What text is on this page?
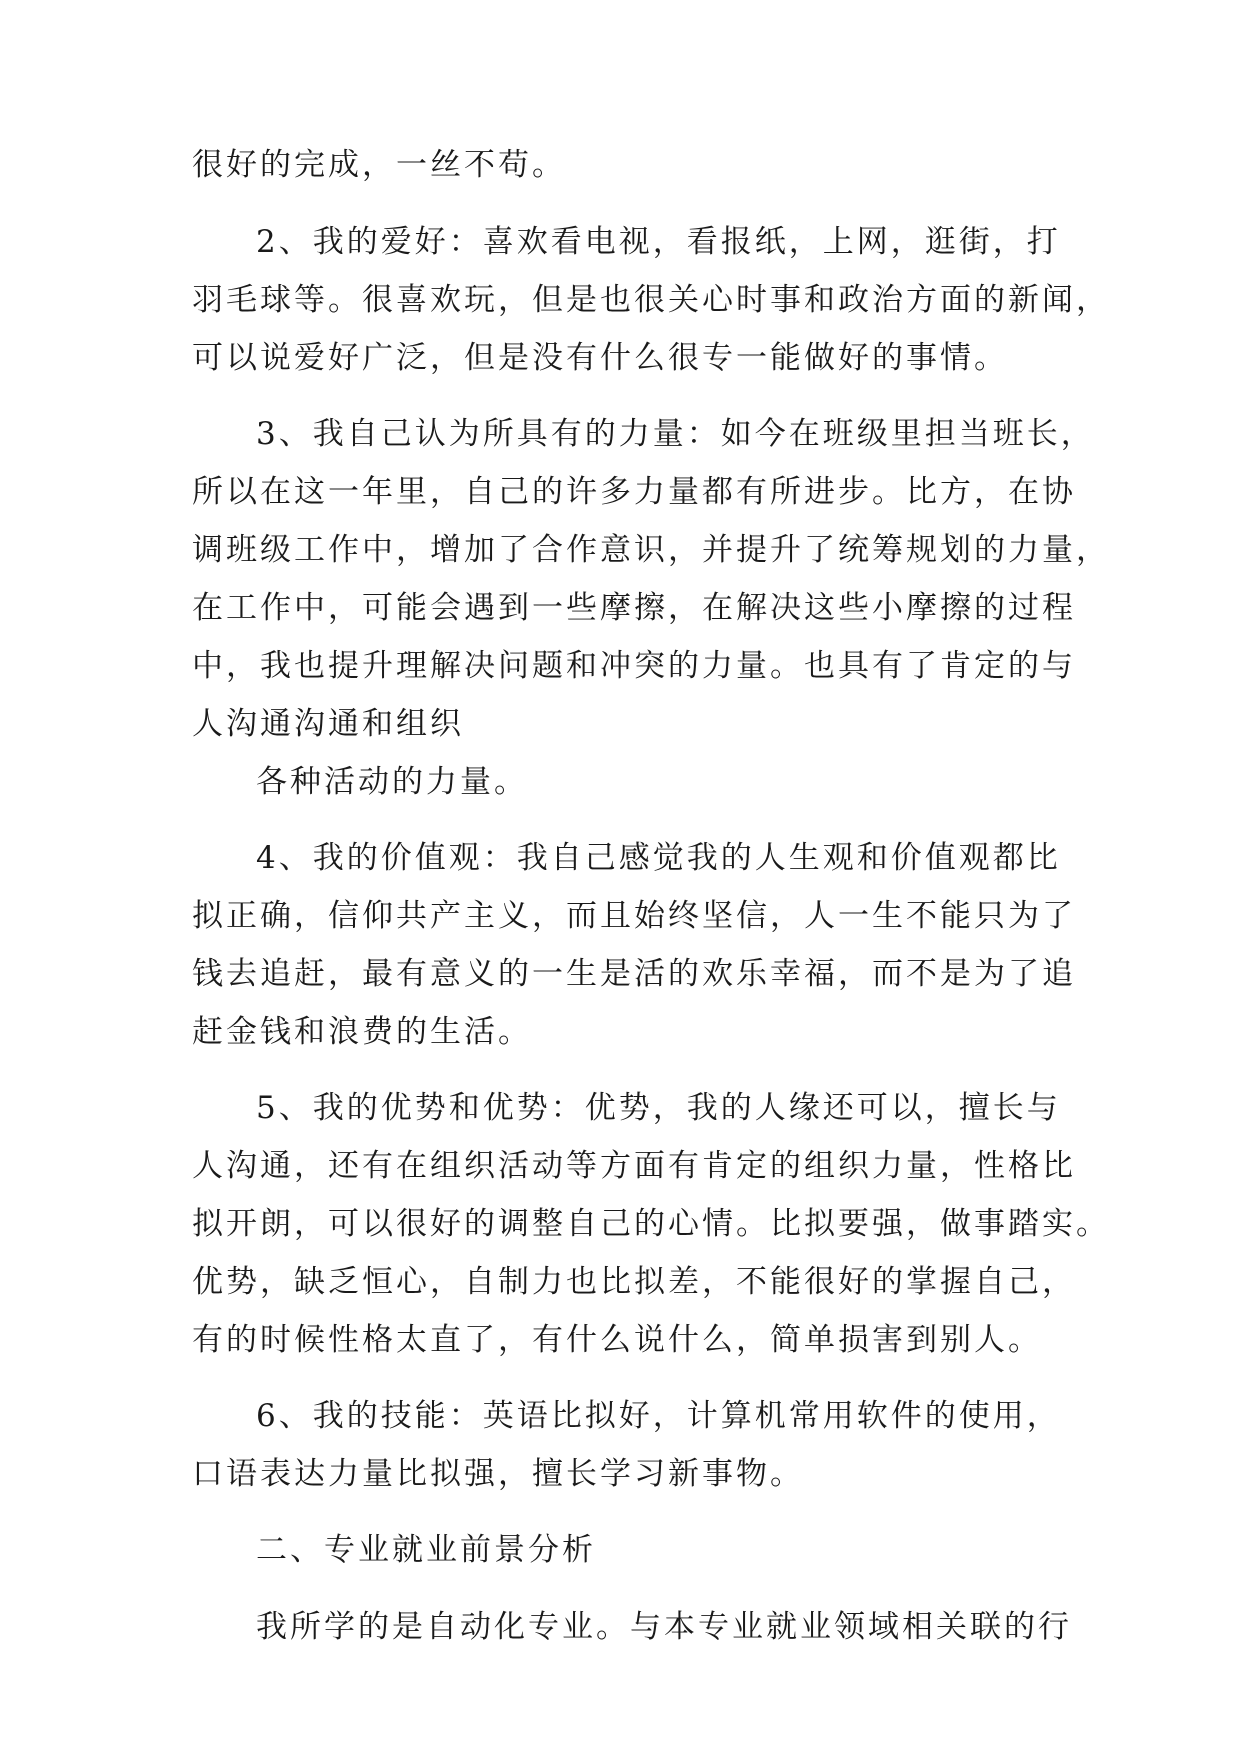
很好的完成，一丝不苟。
2、我的爱好：喜欢看电视，看报纸，上网，逛街，打
羽毛球等。很喜欢玩，但是也很关心时事和政治方面的新闻，
可以说爱好广泛，但是没有什么很专一能做好的事情。
3、我自己认为所具有的力量：如今在班级里担当班长，
所以在这一年里，自己的许多力量都有所进步。比方，在协
调班级工作中，增加了合作意识，并提升了统筹规划的力量，
在工作中，可能会遇到一些摩擦，在解决这些小摩擦的过程
中，我也提升理解决问题和冲突的力量。也具有了肯定的与
人沟通沟通和组织
各种活动的力量。
4、我的价值观：我自己感觉我的人生观和价值观都比
拟正确，信仰共产主义，而且始终坚信，人一生不能只为了
钱去追赶，最有意义的一生是活的欢乐幸福，而不是为了追
赶金钱和浪费的生活。
5、我的优势和优势：优势，我的人缘还可以，擅长与
人沟通，还有在组织活动等方面有肯定的组织力量，性格比
拟开朗，可以很好的调整自己的心情。比拟要强，做事踏实。
优势，缺乏恒心，自制力也比拟差，不能很好的掌握自己，
有的时候性格太直了，有什么说什么，简单损害到别人。
6、我的技能：英语比拟好，计算机常用软件的使用，
口语表达力量比拟强，擅长学习新事物。
二、专业就业前景分析
我所学的是自动化专业。与本专业就业领域相关联的行
